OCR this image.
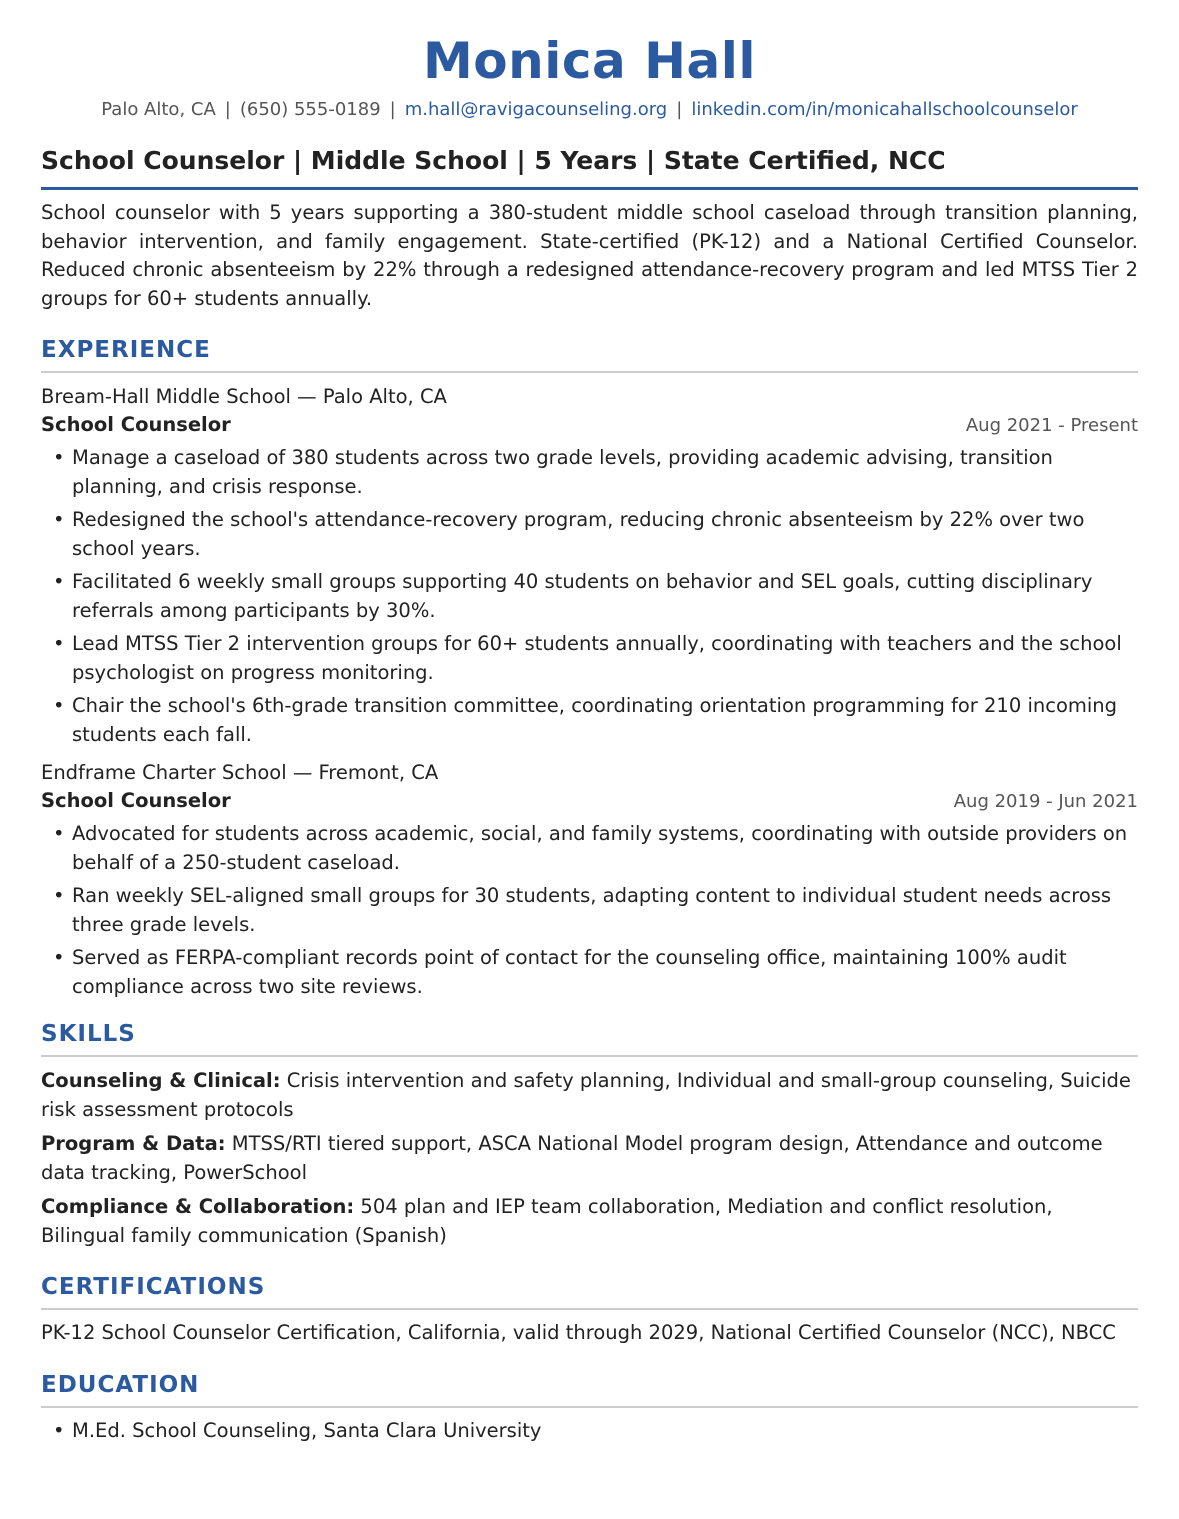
Monica Hall
Palo Alto, CA | (650) 555-0189 | m.hall@ravigacounseling.org | linkedin.com/in/monicahallschoolcounselor
School Counselor | Middle School | 5 Years | State Certified, NCC
School counselor with 5 years supporting a 380-student middle school caseload through transition planning, behavior intervention, and family engagement. State-certified (PK-12) and a National Certified Counselor. Reduced chronic absenteeism by 22% through a redesigned attendance-recovery program and led MTSS Tier 2 groups for 60+ students annually.
EXPERIENCE
Bream-Hall Middle School — Palo Alto, CA
School Counselor	Aug 2021 - Present
• Manage a caseload of 380 students across two grade levels, providing academic advising, transition planning, and crisis response.
• Redesigned the school's attendance-recovery program, reducing chronic absenteeism by 22% over two school years.
• Facilitated 6 weekly small groups supporting 40 students on behavior and SEL goals, cutting disciplinary referrals among participants by 30%.
• Lead MTSS Tier 2 intervention groups for 60+ students annually, coordinating with teachers and the school psychologist on progress monitoring.
• Chair the school's 6th-grade transition committee, coordinating orientation programming for 210 incoming students each fall.
Endframe Charter School — Fremont, CA
School Counselor	Aug 2019 - Jun 2021
• Advocated for students across academic, social, and family systems, coordinating with outside providers on behalf of a 250-student caseload.
• Ran weekly SEL-aligned small groups for 30 students, adapting content to individual student needs across three grade levels.
• Served as FERPA-compliant records point of contact for the counseling office, maintaining 100% audit compliance across two site reviews.
SKILLS
Counseling & Clinical: Crisis intervention and safety planning, Individual and small-group counseling, Suicide risk assessment protocols
Program & Data: MTSS/RTI tiered support, ASCA National Model program design, Attendance and outcome data tracking, PowerSchool
Compliance & Collaboration: 504 plan and IEP team collaboration, Mediation and conflict resolution, Bilingual family communication (Spanish)
CERTIFICATIONS
PK-12 School Counselor Certification, California, valid through 2029, National Certified Counselor (NCC), NBCC
EDUCATION
• M.Ed. School Counseling, Santa Clara University
